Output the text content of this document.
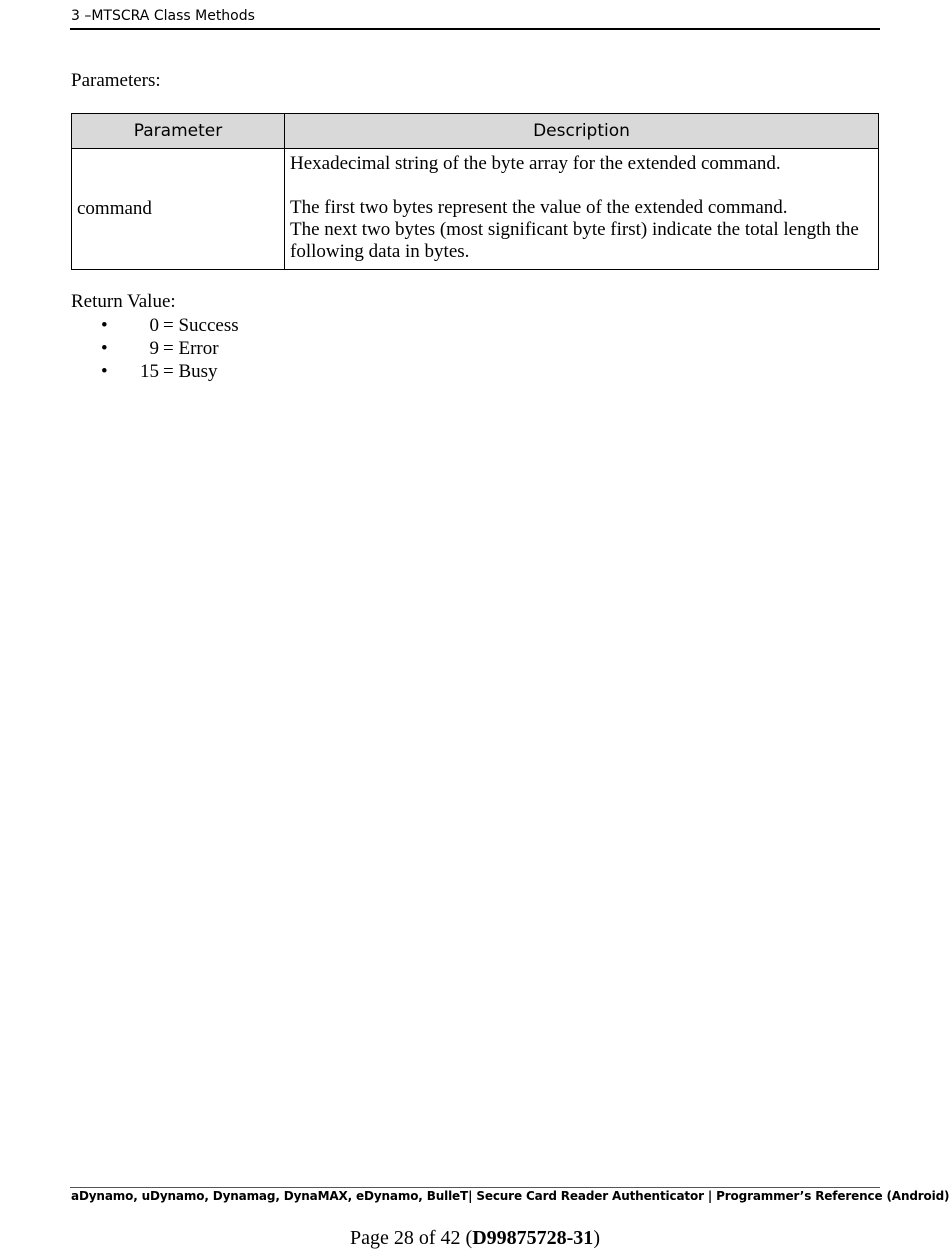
3 –MTSCRA Class Methods
Parameters:
Parameter	Description
command	Hexadecimal string of the byte array for the extended command.
The first two bytes represent the value of the extended command.
The next two bytes (most significant byte first) indicate the total length the following data in bytes.
Return Value:
•	0 = Success
•	9 = Error
•	15 = Busy
aDynamo, uDynamo, Dynamag, DynaMAX, eDynamo, BulleT| Secure Card Reader Authenticator | Programmer’s Reference (Android)
Page 28 of 42 (D99875728-31)
